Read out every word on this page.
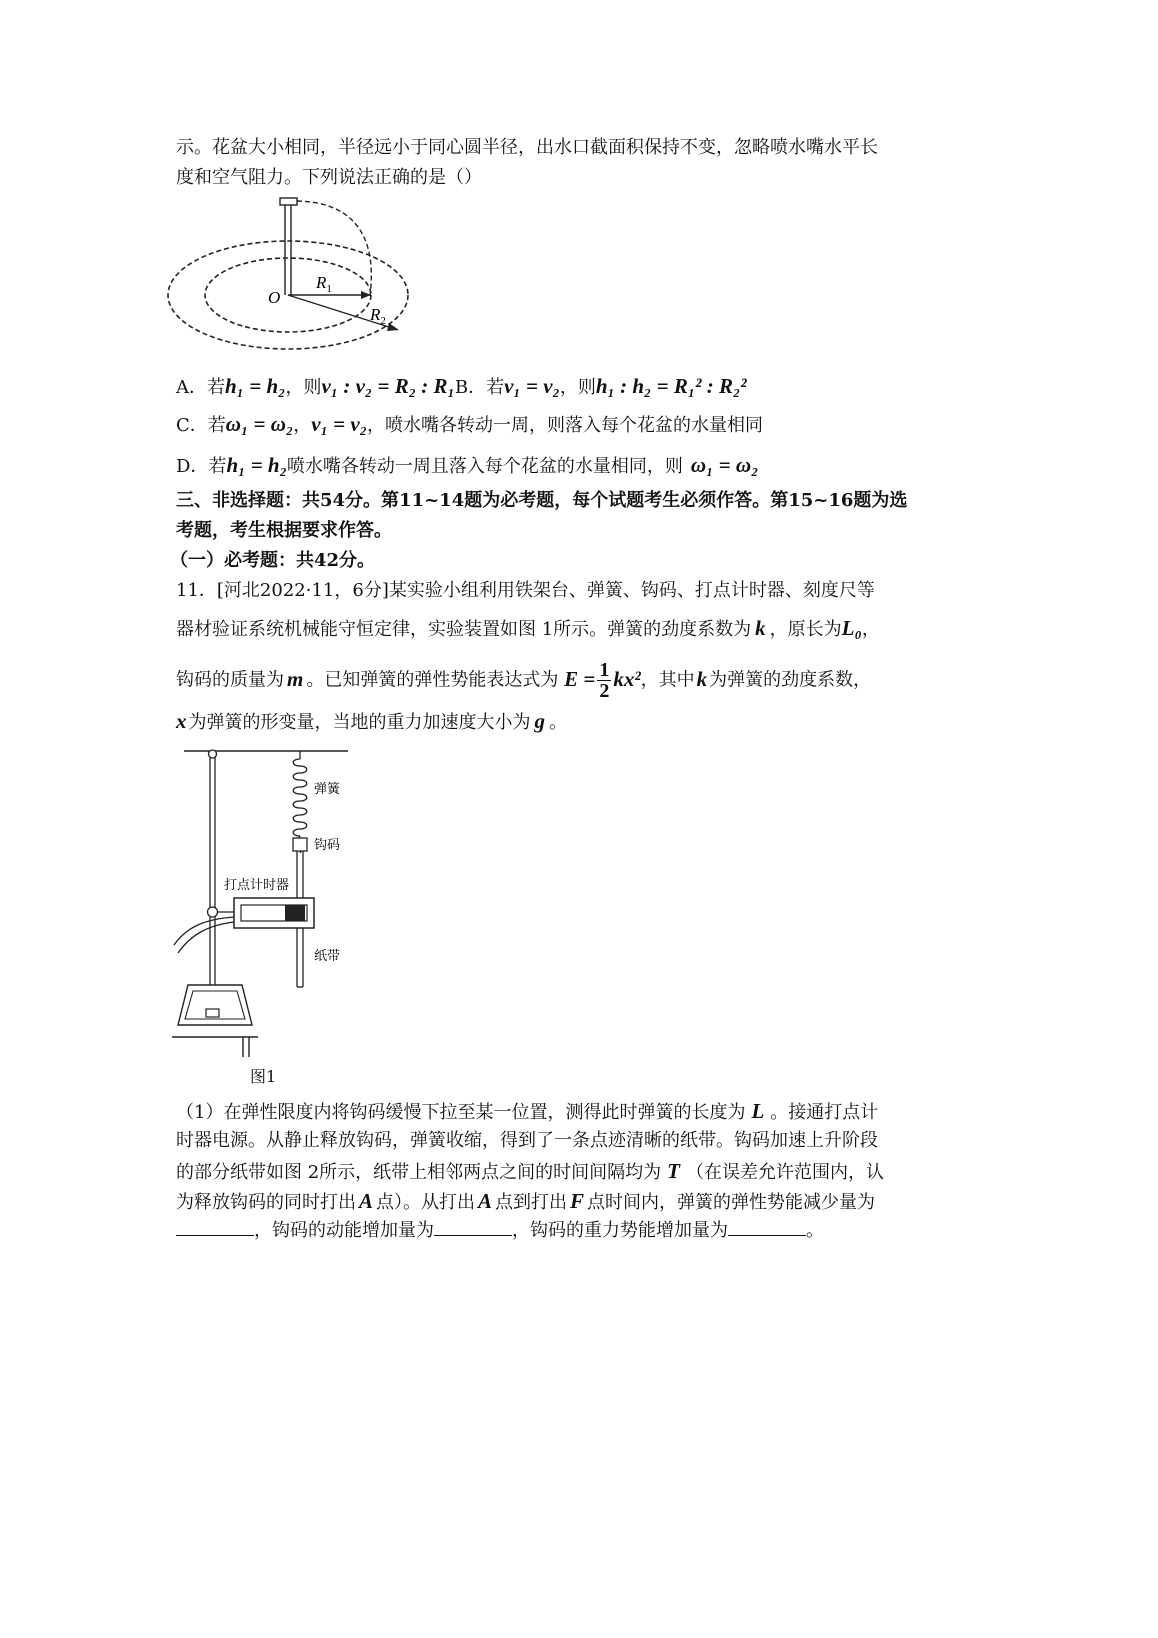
示。花盆大小相同，半径远小于同心圆半径，出水口截面积保持不变，忽略喷水嘴水平长
度和空气阻力。下列说法正确的是（）
O
$R_1$
$R_2$
A．若h₁ = h₂，则v₁ : v₂ = R₂ : R₁B．若v₁ = v₂，则h₁ : h₂ = R₁² : R₂²
C．若ω₁ = ω₂，v₁ = v₂，喷水嘴各转动一周，则落入每个花盆的水量相同
D．若h₁ = h₂喷水嘴各转动一周且落入每个花盆的水量相同，则 ω₁ = ω₂
三、非选择题：共54分。第11~14题为必考题，每个试题考生必须作答。第15~16题为选
考题，考生根据要求作答。
（一）必考题：共42分。
11．[河北2022·11，6分]某实验小组利用铁架台、弹簧、钩码、打点计时器、刻度尺等
器材验证系统机械能守恒定律，实验装置如图 1所示。弹簧的劲度系数为 k ，原长为L₀，
钩码的质量为 m 。已知弹簧的弹性势能表达式为 $E = \frac{1}{2} kx^2$，其中k 为弹簧的劲度系数，
x 为弹簧的形变量，当地的重力加速度大小为 g 。
弹簧
钩码
打点计时器
纸带
图1
（1）在弹性限度内将钩码缓慢下拉至某一位置，测得此时弹簧的长度为 L 。接通打点计
时器电源。从静止释放钩码，弹簧收缩，得到了一条点迹清晰的纸带。钩码加速上升阶段
的部分纸带如图 2所示，纸带上相邻两点之间的时间间隔均为 T （在误差允许范围内，认
为释放钩码的同时打出 A 点）。从打出 A 点到打出 F 点时间内，弹簧的弹性势能减少量为
，钩码的动能增加量为	，钩码的重力势能增加量为	。
